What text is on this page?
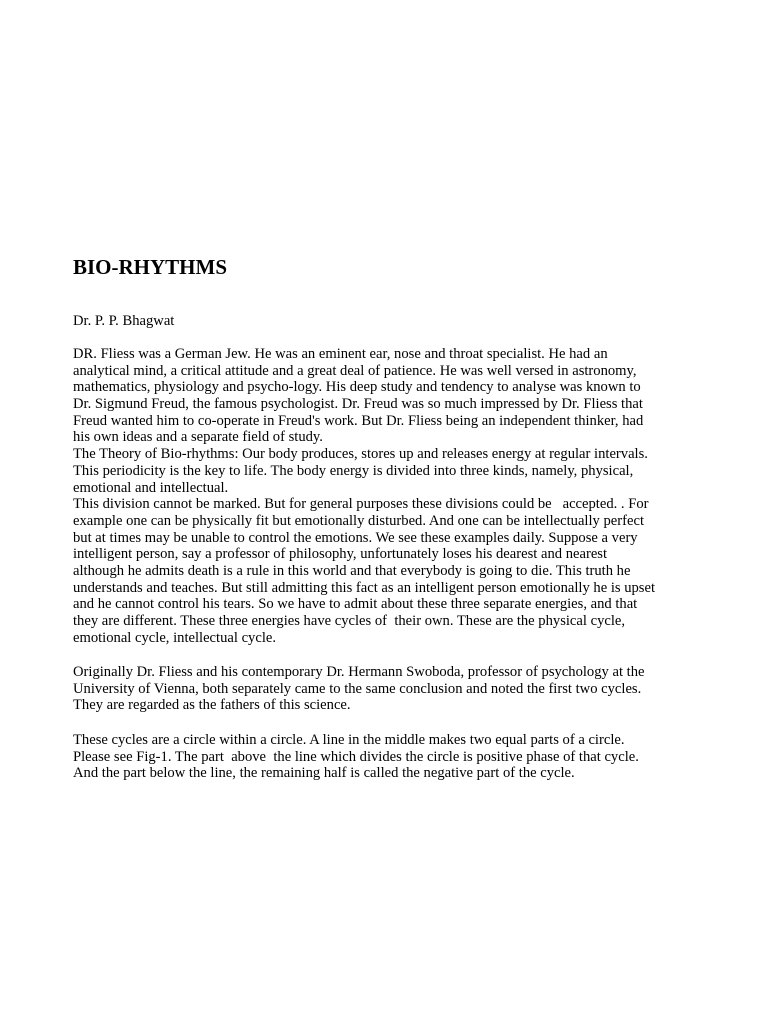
BIO-RHYTHMS
Dr. P. P. Bhagwat
DR. Fliess was a German Jew. He was an eminent ear, nose and throat specialist. He had an
analytical mind, a critical attitude and a great deal of patience. He was well versed in astronomy,
mathematics, physiology and psycho-logy. His deep study and tendency to analyse was known to
Dr. Sigmund Freud, the famous psychologist. Dr. Freud was so much impressed by Dr. Fliess that
Freud wanted him to co-operate in Freud's work. But Dr. Fliess being an independent thinker, had
his own ideas and a separate field of study.
The Theory of Bio-rhythms: Our body produces, stores up and releases energy at regular intervals.
This periodicity is the key to life. The body energy is divided into three kinds, namely, physical,
emotional and intellectual.
This division cannot be marked. But for general purposes these divisions could be   accepted. . For
example one can be physically fit but emotionally disturbed. And one can be intellectually perfect
but at times may be unable to control the emotions. We see these examples daily. Suppose a very
intelligent person, say a professor of philosophy, unfortunately loses his dearest and nearest
although he admits death is a rule in this world and that everybody is going to die. This truth he
understands and teaches. But still admitting this fact as an intelligent person emotionally he is upset
and he cannot control his tears. So we have to admit about these three separate energies, and that
they are different. These three energies have cycles of  their own. These are the physical cycle,
emotional cycle, intellectual cycle.
Originally Dr. Fliess and his contemporary Dr. Hermann Swoboda, professor of psychology at the
University of Vienna, both separately came to the same conclusion and noted the first two cycles.
They are regarded as the fathers of this science.
These cycles are a circle within a circle. A line in the middle makes two equal parts of a circle.
Please see Fig-1. The part  above  the line which divides the circle is positive phase of that cycle.
And the part below the line, the remaining half is called the negative part of the cycle.
